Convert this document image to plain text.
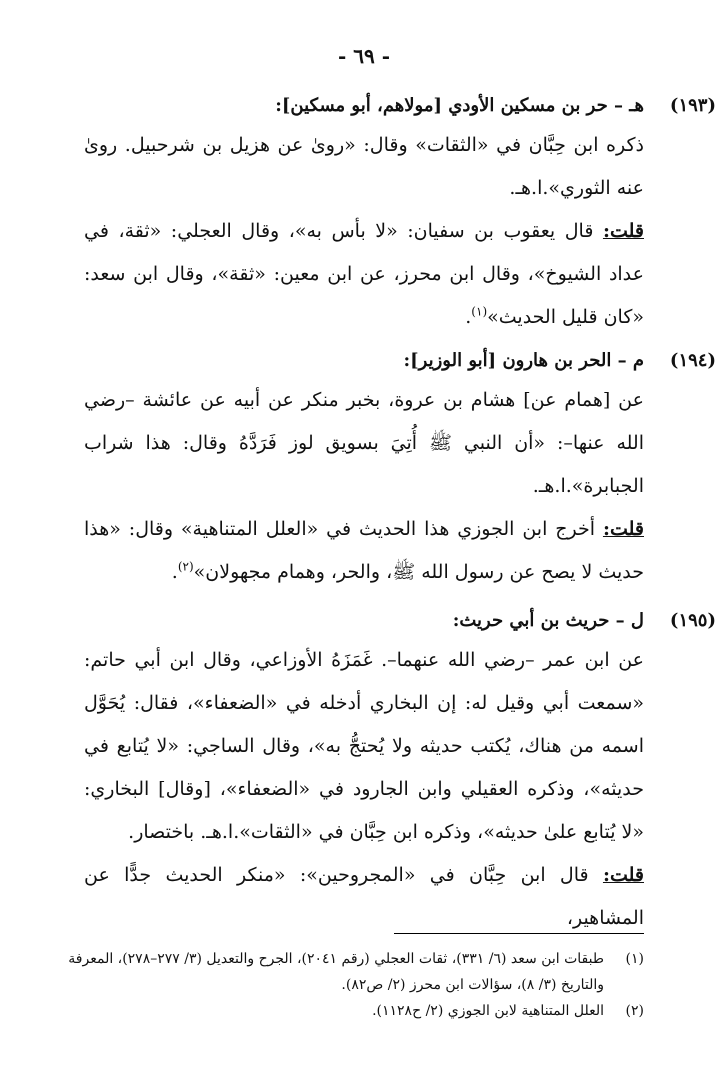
- ٦٩ -
(١٩٣)
هـ – حر بن مسكين الأودي [مولاهم، أبو مسكين]:
ذكره ابن حِبَّان في «الثقات» وقال: «روىٰ عن هزيل بن شرحبيل. روىٰ عنه الثوري».ا.هـ.
قلت: قال يعقوب بن سفيان: «لا بأس به»، وقال العجلي: «ثقة، في عداد الشيوخ»، وقال ابن محرز، عن ابن معين: «ثقة»، وقال ابن سعد: «كان قليل الحديث»$^{(١)}$.
(١٩٤)
م – الحر بن هارون [أبو الوزير]:
عن [همام عن] هشام بن عروة، بخبر منكر عن أبيه عن عائشة –رضي الله عنها–: «أن النبي ﷺ أُتِيَ بسويق لوز فَرَدَّهُ وقال: هذا شراب الجبابرة».ا.هـ.
قلت: أخرج ابن الجوزي هذا الحديث في «العلل المتناهية» وقال: «هذا حديث لا يصح عن رسول الله ﷺ، والحر، وهمام مجهولان»$^{(٢)}$.
(١٩٥)
ل – حريث بن أبي حريث:
عن ابن عمر –رضي الله عنهما–. غَمَزَهُ الأوزاعي، وقال ابن أبي حاتم: «سمعت أبي وقيل له: إن البخاري أدخله في «الضعفاء»، فقال: يُحَوَّل اسمه من هناك، يُكتب حديثه ولا يُحتجُّ به»، وقال الساجي: «لا يُتابع في حديثه»، وذكره العقيلي وابن الجارود في «الضعفاء»، [وقال] البخاري: «لا يُتابع علىٰ حديثه»، وذكره ابن حِبَّان في «الثقات».ا.هـ. باختصار.
قلت: قال ابن حِبَّان في «المجروحين»: «منكر الحديث جدًّا عن المشاهير،
(١)
طبقات ابن سعد (٦/ ٣٣١)، ثقات العجلي (رقم ٢٠٤١)، الجرح والتعديل (٣/ ٢٧٧–٢٧٨)، المعرفة والتاريخ (٣/ ٨)، سؤالات ابن محرز (٢/ ص٨٢).
(٢)
العلل المتناهية لابن الجوزي (٢/ ح١١٢٨).
